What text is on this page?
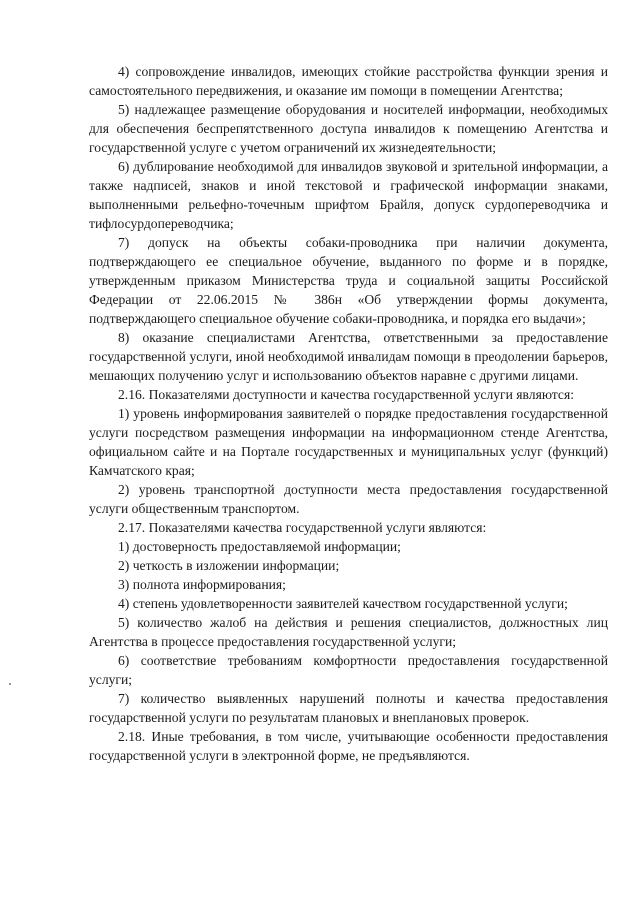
4) сопровождение инвалидов, имеющих стойкие расстройства функции зрения и самостоятельного передвижения, и оказание им помощи в помещении Агентства;

5) надлежащее размещение оборудования и носителей информации, необходимых для обеспечения беспрепятственного доступа инвалидов к помещению Агентства и государственной услуге с учетом ограничений их жизнедеятельности;

6) дублирование необходимой для инвалидов звуковой и зрительной информации, а также надписей, знаков и иной текстовой и графической информации знаками, выполненными рельефно-точечным шрифтом Брайля, допуск сурдопереводчика и тифлосурдопереводчика;

7) допуск на объекты собаки-проводника при наличии документа, подтверждающего ее специальное обучение, выданного по форме и в порядке, утвержденным приказом Министерства труда и социальной защиты Российской Федерации от 22.06.2015 № 386н «Об утверждении формы документа, подтверждающего специальное обучение собаки-проводника, и порядка его выдачи»;

8) оказание специалистами Агентства, ответственными за предоставление государственной услуги, иной необходимой инвалидам помощи в преодолении барьеров, мешающих получению услуг и использованию объектов наравне с другими лицами.

2.16. Показателями доступности и качества государственной услуги являются:

1) уровень информирования заявителей о порядке предоставления государственной услуги посредством размещения информации на информационном стенде Агентства, официальном сайте и на Портале государственных и муниципальных услуг (функций) Камчатского края;

2) уровень транспортной доступности места предоставления государственной услуги общественным транспортом.

2.17. Показателями качества государственной услуги являются:

1) достоверность предоставляемой информации;

2) четкость в изложении информации;

3) полнота информирования;

4) степень удовлетворенности заявителей качеством государственной услуги;

5) количество жалоб на действия и решения специалистов, должностных лиц Агентства в процессе предоставления государственной услуги;

6) соответствие требованиям комфортности предоставления государственной услуги;

7) количество выявленных нарушений полноты и качества предоставления государственной услуги по результатам плановых и внеплановых проверок.

2.18. Иные требования, в том числе, учитывающие особенности предоставления государственной услуги в электронной форме, не предъявляются.
